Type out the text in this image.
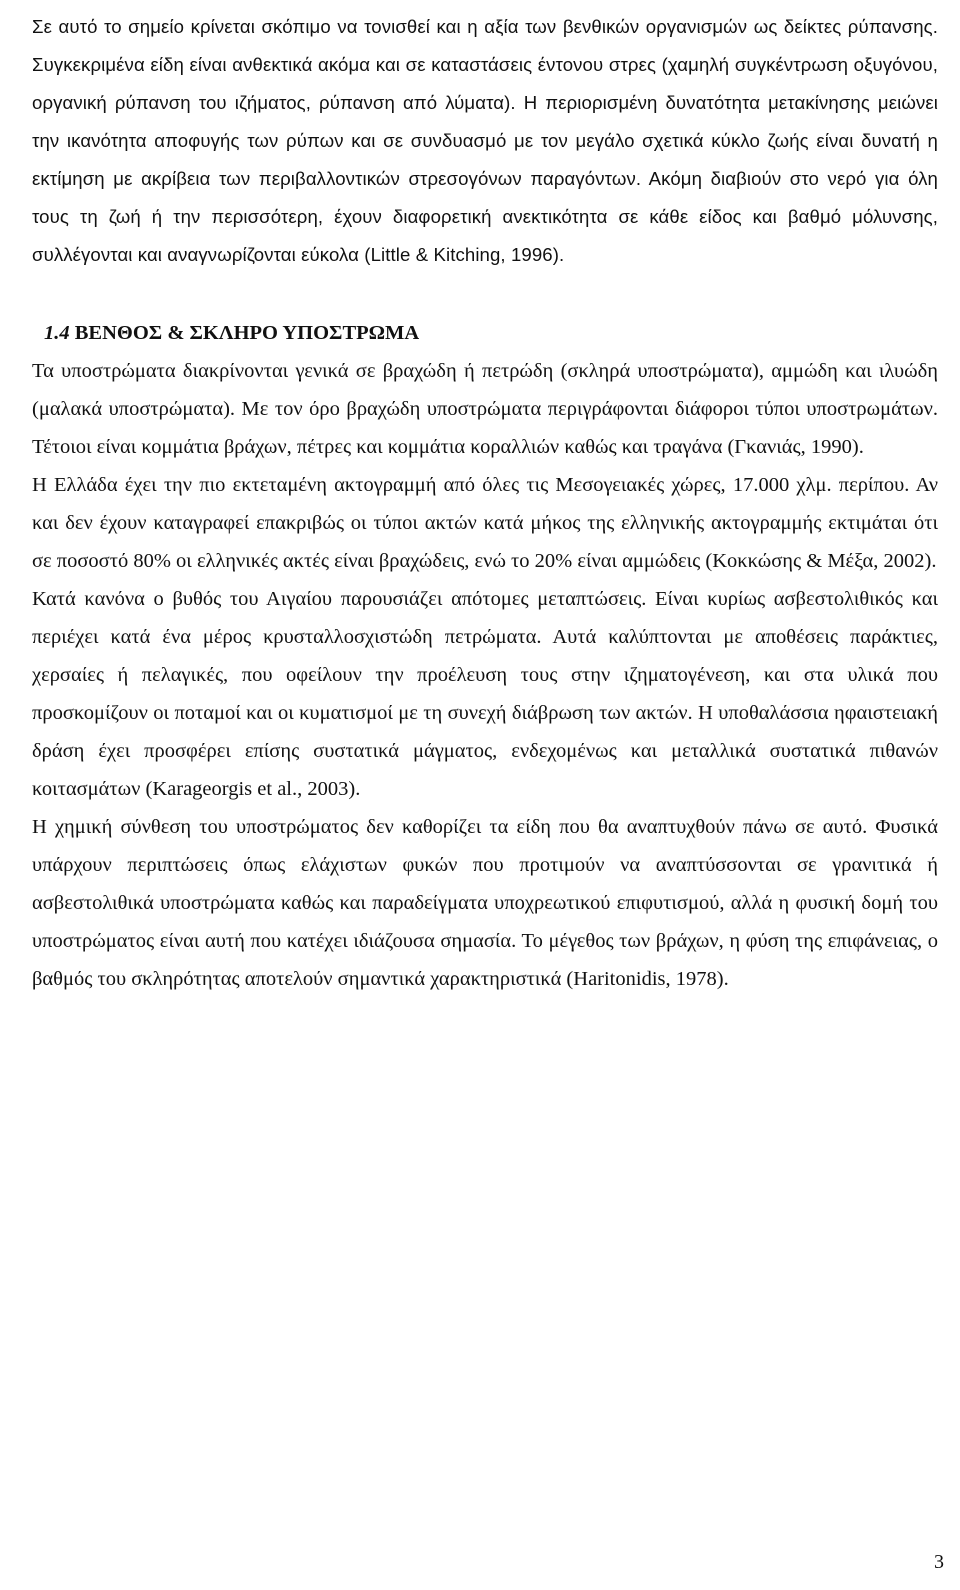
Σε αυτό το σημείο κρίνεται σκόπιμο να τονισθεί και η αξία των βενθικών οργανισμών ως δείκτες ρύπανσης. Συγκεκριμένα είδη είναι ανθεκτικά ακόμα και σε καταστάσεις έντονου στρες (χαμηλή συγκέντρωση οξυγόνου, οργανική ρύπανση του ιζήματος, ρύπανση από λύματα). Η περιορισμένη δυνατότητα μετακίνησης μειώνει την ικανότητα αποφυγής των ρύπων και σε συνδυασμό με τον μεγάλο σχετικά κύκλο ζωής είναι δυνατή η εκτίμηση με ακρίβεια των περιβαλλοντικών στρεσογόνων παραγόντων. Ακόμη διαβιούν στο νερό για όλη τους τη ζωή ή την περισσότερη, έχουν διαφορετική ανεκτικότητα σε κάθε είδος και βαθμό μόλυνσης, συλλέγονται και αναγνωρίζονται εύκολα (Little & Kitching, 1996).

1.4 ΒΕΝΘΟΣ & ΣΚΛΗΡΟ ΥΠΟΣΤΡΩΜΑ

Τα υποστρώματα διακρίνονται γενικά σε βραχώδη ή πετρώδη (σκληρά υποστρώματα), αμμώδη και ιλυώδη (μαλακά υποστρώματα). Με τον όρο βραχώδη υποστρώματα περιγράφονται διάφοροι τύποι υποστρωμάτων. Τέτοιοι είναι κομμάτια βράχων, πέτρες και κομμάτια κοραλλιών καθώς και τραγάνα (Γκανιάς, 1990).

Η Ελλάδα έχει την πιο εκτεταμένη ακτογραμμή από όλες τις Μεσογειακές χώρες, 17.000 χλμ. περίπου. Αν και δεν έχουν καταγραφεί επακριβώς οι τύποι ακτών κατά μήκος της ελληνικής ακτογραμμής εκτιμάται ότι σε ποσοστό 80% οι ελληνικές ακτές είναι βραχώδεις, ενώ το 20% είναι αμμώδεις (Κοκκώσης & Μέξα, 2002).

Κατά κανόνα ο βυθός του Αιγαίου παρουσιάζει απότομες μεταπτώσεις. Είναι κυρίως ασβεστολιθικός και περιέχει κατά ένα μέρος κρυσταλλοσχιστώδη πετρώματα. Αυτά καλύπτονται με αποθέσεις παράκτιες, χερσαίες ή πελαγικές, που οφείλουν την προέλευση τους στην ιζηματογένεση, και στα υλικά που προσκομίζουν οι ποταμοί και οι κυματισμοί με τη συνεχή διάβρωση των ακτών. Η υποθαλάσσια ηφαιστειακή δράση έχει προσφέρει επίσης συστατικά μάγματος, ενδεχομένως και μεταλλικά συστατικά πιθανών κοιτασμάτων (Karageorgis et al., 2003).

Η χημική σύνθεση του υποστρώματος δεν καθορίζει τα είδη που θα αναπτυχθούν πάνω σε αυτό. Φυσικά υπάρχουν περιπτώσεις όπως ελάχιστων φυκών που προτιμούν να αναπτύσσονται σε γρανιτικά ή ασβεστολιθικά υποστρώματα καθώς και παραδείγματα υποχρεωτικού επιφυτισμού, αλλά η φυσική δομή του υποστρώματος είναι αυτή που κατέχει ιδιάζουσα σημασία. Το μέγεθος των βράχων, η φύση της επιφάνειας, ο βαθμός του σκληρότητας αποτελούν σημαντικά χαρακτηριστικά (Haritonidis, 1978).

3
